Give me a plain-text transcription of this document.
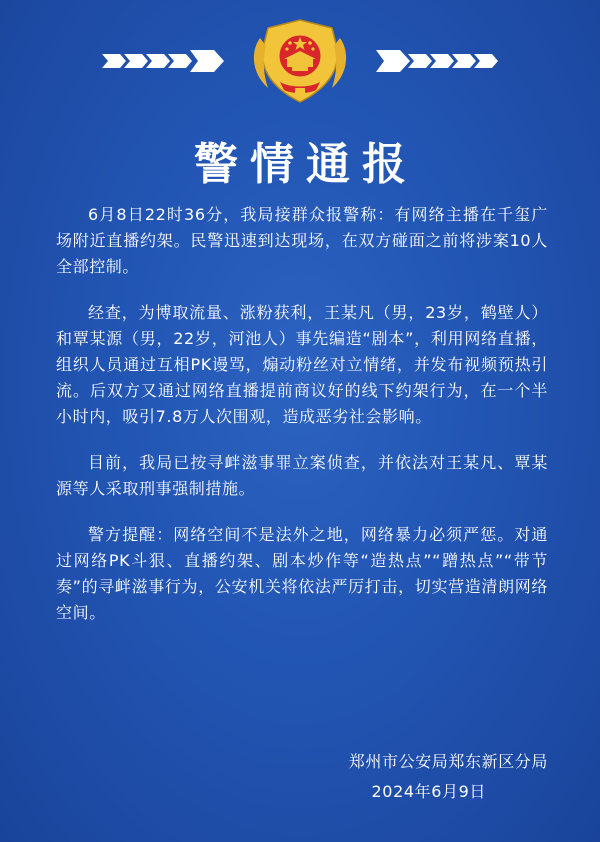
警情通报

6月8日22时36分，我局接群众报警称：有网络主播在千玺广场附近直播约架。民警迅速到达现场，在双方碰面之前将涉案10人全部控制。

经查，为博取流量、涨粉获利，王某凡（男，23岁，鹤壁人）和覃某源（男，22岁，河池人）事先编造“剧本”，利用网络直播，组织人员通过互相PK谩骂，煽动粉丝对立情绪，并发布视频预热引流。后双方又通过网络直播提前商议好的线下约架行为，在一个半小时内，吸引7.8万人次围观，造成恶劣社会影响。

目前，我局已按寻衅滋事罪立案侦查，并依法对王某凡、覃某源等人采取刑事强制措施。

警方提醒：网络空间不是法外之地，网络暴力必须严惩。对通过网络PK斗狠、直播约架、剧本炒作等“造热点”“蹭热点”“带节奏”的寻衅滋事行为，公安机关将依法严厉打击，切实营造清朗网络空间。

郑州市公安局郑东新区分局
2024年6月9日
